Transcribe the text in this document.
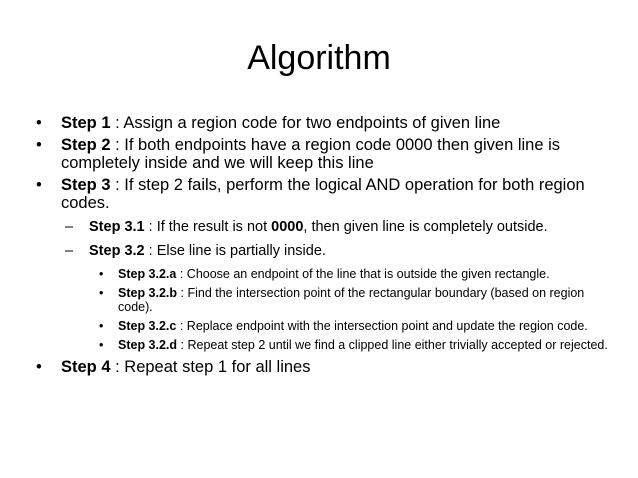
Algorithm
• Step 1 : Assign a region code for two endpoints of given line
• Step 2 : If both endpoints have a region code 0000 then given line is completely inside and we will keep this line
• Step 3 : If step 2 fails, perform the logical AND operation for both region codes.
– Step 3.1 : If the result is not 0000, then given line is completely outside.
– Step 3.2 : Else line is partially inside.
• Step 3.2.a : Choose an endpoint of the line that is outside the given rectangle.
• Step 3.2.b : Find the intersection point of the rectangular boundary (based on region code).
• Step 3.2.c : Replace endpoint with the intersection point and update the region code.
• Step 3.2.d : Repeat step 2 until we find a clipped line either trivially accepted or rejected.
• Step 4 : Repeat step 1 for all lines
